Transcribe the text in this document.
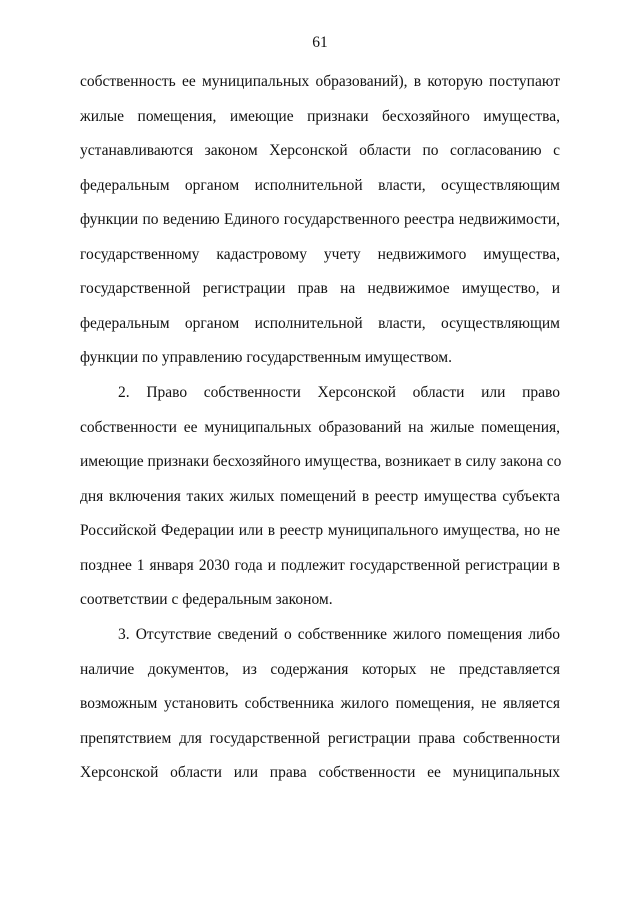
61
собственность ее муниципальных образований), в которую поступают
жилые помещения, имеющие признаки бесхозяйного имущества,
устанавливаются законом Херсонской области по согласованию с
федеральным органом исполнительной власти, осуществляющим
функции по ведению Единого государственного реестра недвижимости,
государственному кадастровому учету недвижимого имущества,
государственной регистрации прав на недвижимое имущество, и
федеральным органом исполнительной власти, осуществляющим
функции по управлению государственным имуществом.
2. Право собственности Херсонской области или право
собственности ее муниципальных образований на жилые помещения,
имеющие признаки бесхозяйного имущества, возникает в силу закона со
дня включения таких жилых помещений в реестр имущества субъекта
Российской Федерации или в реестр муниципального имущества, но не
позднее 1 января 2030 года и подлежит государственной регистрации в
соответствии с федеральным законом.
3. Отсутствие сведений о собственнике жилого помещения либо
наличие документов, из содержания которых не представляется
возможным установить собственника жилого помещения, не является
препятствием для государственной регистрации права собственности
Херсонской области или права собственности ее муниципальных
